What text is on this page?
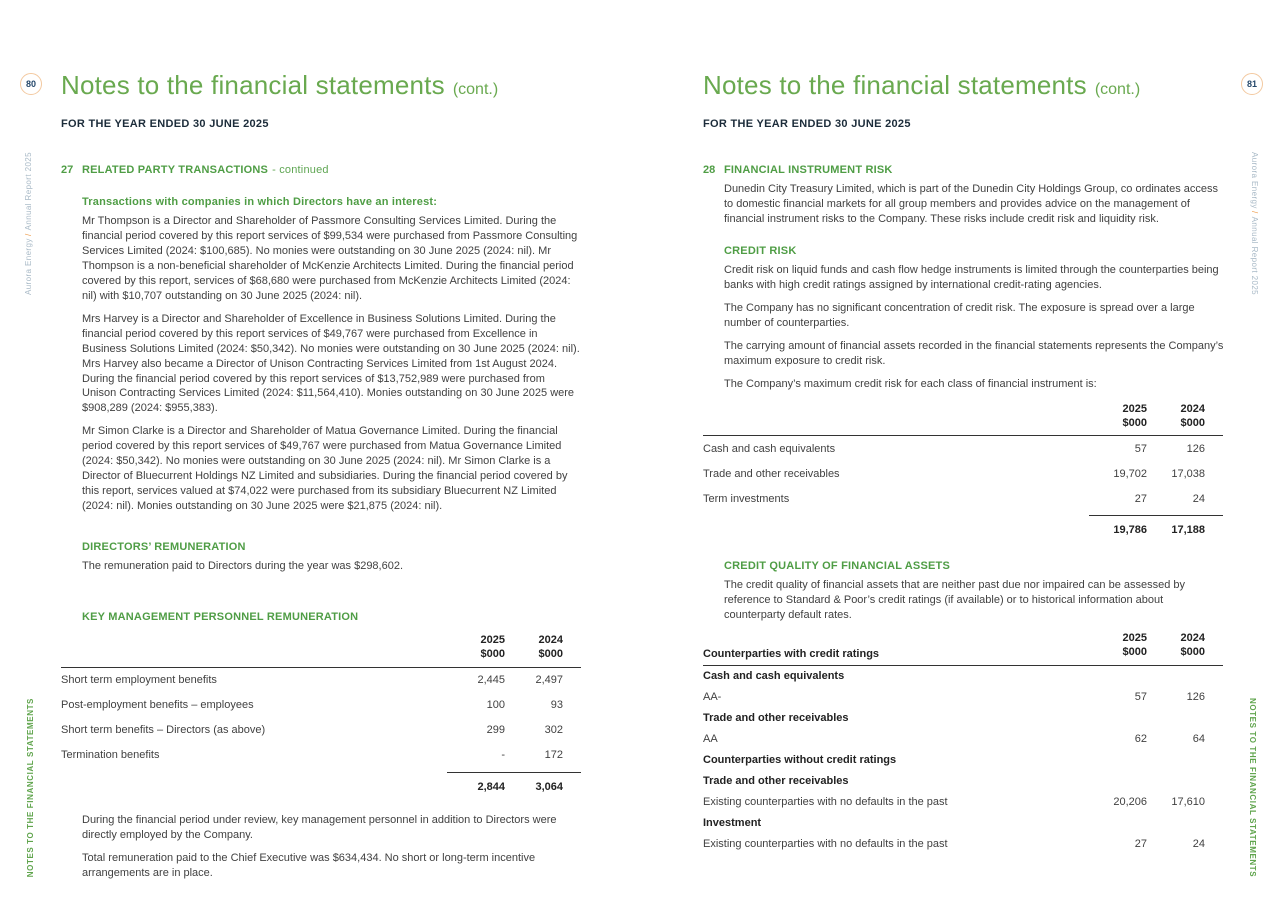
80
Aurora Energy / Annual Report 2025
NOTES TO THE FINANCIAL STATEMENTS
Notes to the financial statements (cont.)
FOR THE YEAR ENDED 30 JUNE 2025
27 RELATED PARTY TRANSACTIONS - continued
Transactions with companies in which Directors have an interest:

Mr Thompson is a Director and Shareholder of Passmore Consulting Services Limited. During the financial period covered by this report services of $99,534 were purchased from Passmore Consulting Services Limited (2024: $100,685). No monies were outstanding on 30 June 2025 (2024: nil). Mr Thompson is a non-beneficial shareholder of McKenzie Architects Limited. During the financial period covered by this report, services of $68,680 were purchased from McKenzie Architects Limited (2024: nil) with $10,707 outstanding on 30 June 2025 (2024: nil).

Mrs Harvey is a Director and Shareholder of Excellence in Business Solutions Limited. During the financial period covered by this report services of $49,767 were purchased from Excellence in Business Solutions Limited (2024: $50,342). No monies were outstanding on 30 June 2025 (2024: nil). Mrs Harvey also became a Director of Unison Contracting Services Limited from 1st August 2024. During the financial period covered by this report services of $13,752,989 were purchased from Unison Contracting Services Limited (2024: $11,564,410). Monies outstanding on 30 June 2025 were $908,289 (2024: $955,383).

Mr Simon Clarke is a Director and Shareholder of Matua Governance Limited. During the financial period covered by this report services of $49,767 were purchased from Matua Governance Limited (2024: $50,342). No monies were outstanding on 30 June 2025 (2024: nil). Mr Simon Clarke is a Director of Bluecurrent Holdings NZ Limited and subsidiaries. During the financial period covered by this report, services valued at $74,022 were purchased from its subsidiary Bluecurrent NZ Limited (2024: nil). Monies outstanding on 30 June 2025 were $21,875 (2024: nil).

DIRECTORS’ REMUNERATION

The remuneration paid to Directors during the year was $298,602.

KEY MANAGEMENT PERSONNEL REMUNERATION
2025
$000
2024
$000
Short term employment benefits	2,445	2,497
Post-employment benefits – employees	100	93
Short term benefits – Directors (as above)	299	302
Termination benefits	-	172
2,844	3,064

During the financial period under review, key management personnel in addition to Directors were directly employed by the Company.

Total remuneration paid to the Chief Executive was $634,434. No short or long-term incentive arrangements are in place.

81
Aurora Energy / Annual Report 2025
NOTES TO THE FINANCIAL STATEMENTS
Notes to the financial statements (cont.)
FOR THE YEAR ENDED 30 JUNE 2025
28 FINANCIAL INSTRUMENT RISK

Dunedin City Treasury Limited, which is part of the Dunedin City Holdings Group, co ordinates access to domestic financial markets for all group members and provides advice on the management of financial instrument risks to the Company. These risks include credit risk and liquidity risk.

CREDIT RISK

Credit risk on liquid funds and cash flow hedge instruments is limited through the counterparties being banks with high credit ratings assigned by international credit-rating agencies.

The Company has no significant concentration of credit risk. The exposure is spread over a large number of counterparties.

The carrying amount of financial assets recorded in the financial statements represents the Company’s maximum exposure to credit risk.

The Company’s maximum credit risk for each class of financial instrument is:

2025
$000
2024
$000
Cash and cash equivalents	57	126
Trade and other receivables	19,702	17,038
Term investments	27	24
19,786	17,188
CREDIT QUALITY OF FINANCIAL ASSETS

The credit quality of financial assets that are neither past due nor impaired can be assessed by reference to Standard & Poor’s credit ratings (if available) or to historical information about counterparty default rates.

Counterparties with credit ratings
2025
$000
2024
$000
Cash and cash equivalents
AA-	57	126
Trade and other receivables
AA	62	64
Counterparties without credit ratings
Trade and other receivables
Existing counterparties with no defaults in the past	20,206	17,610
Investment
Existing counterparties with no defaults in the past	27	24
